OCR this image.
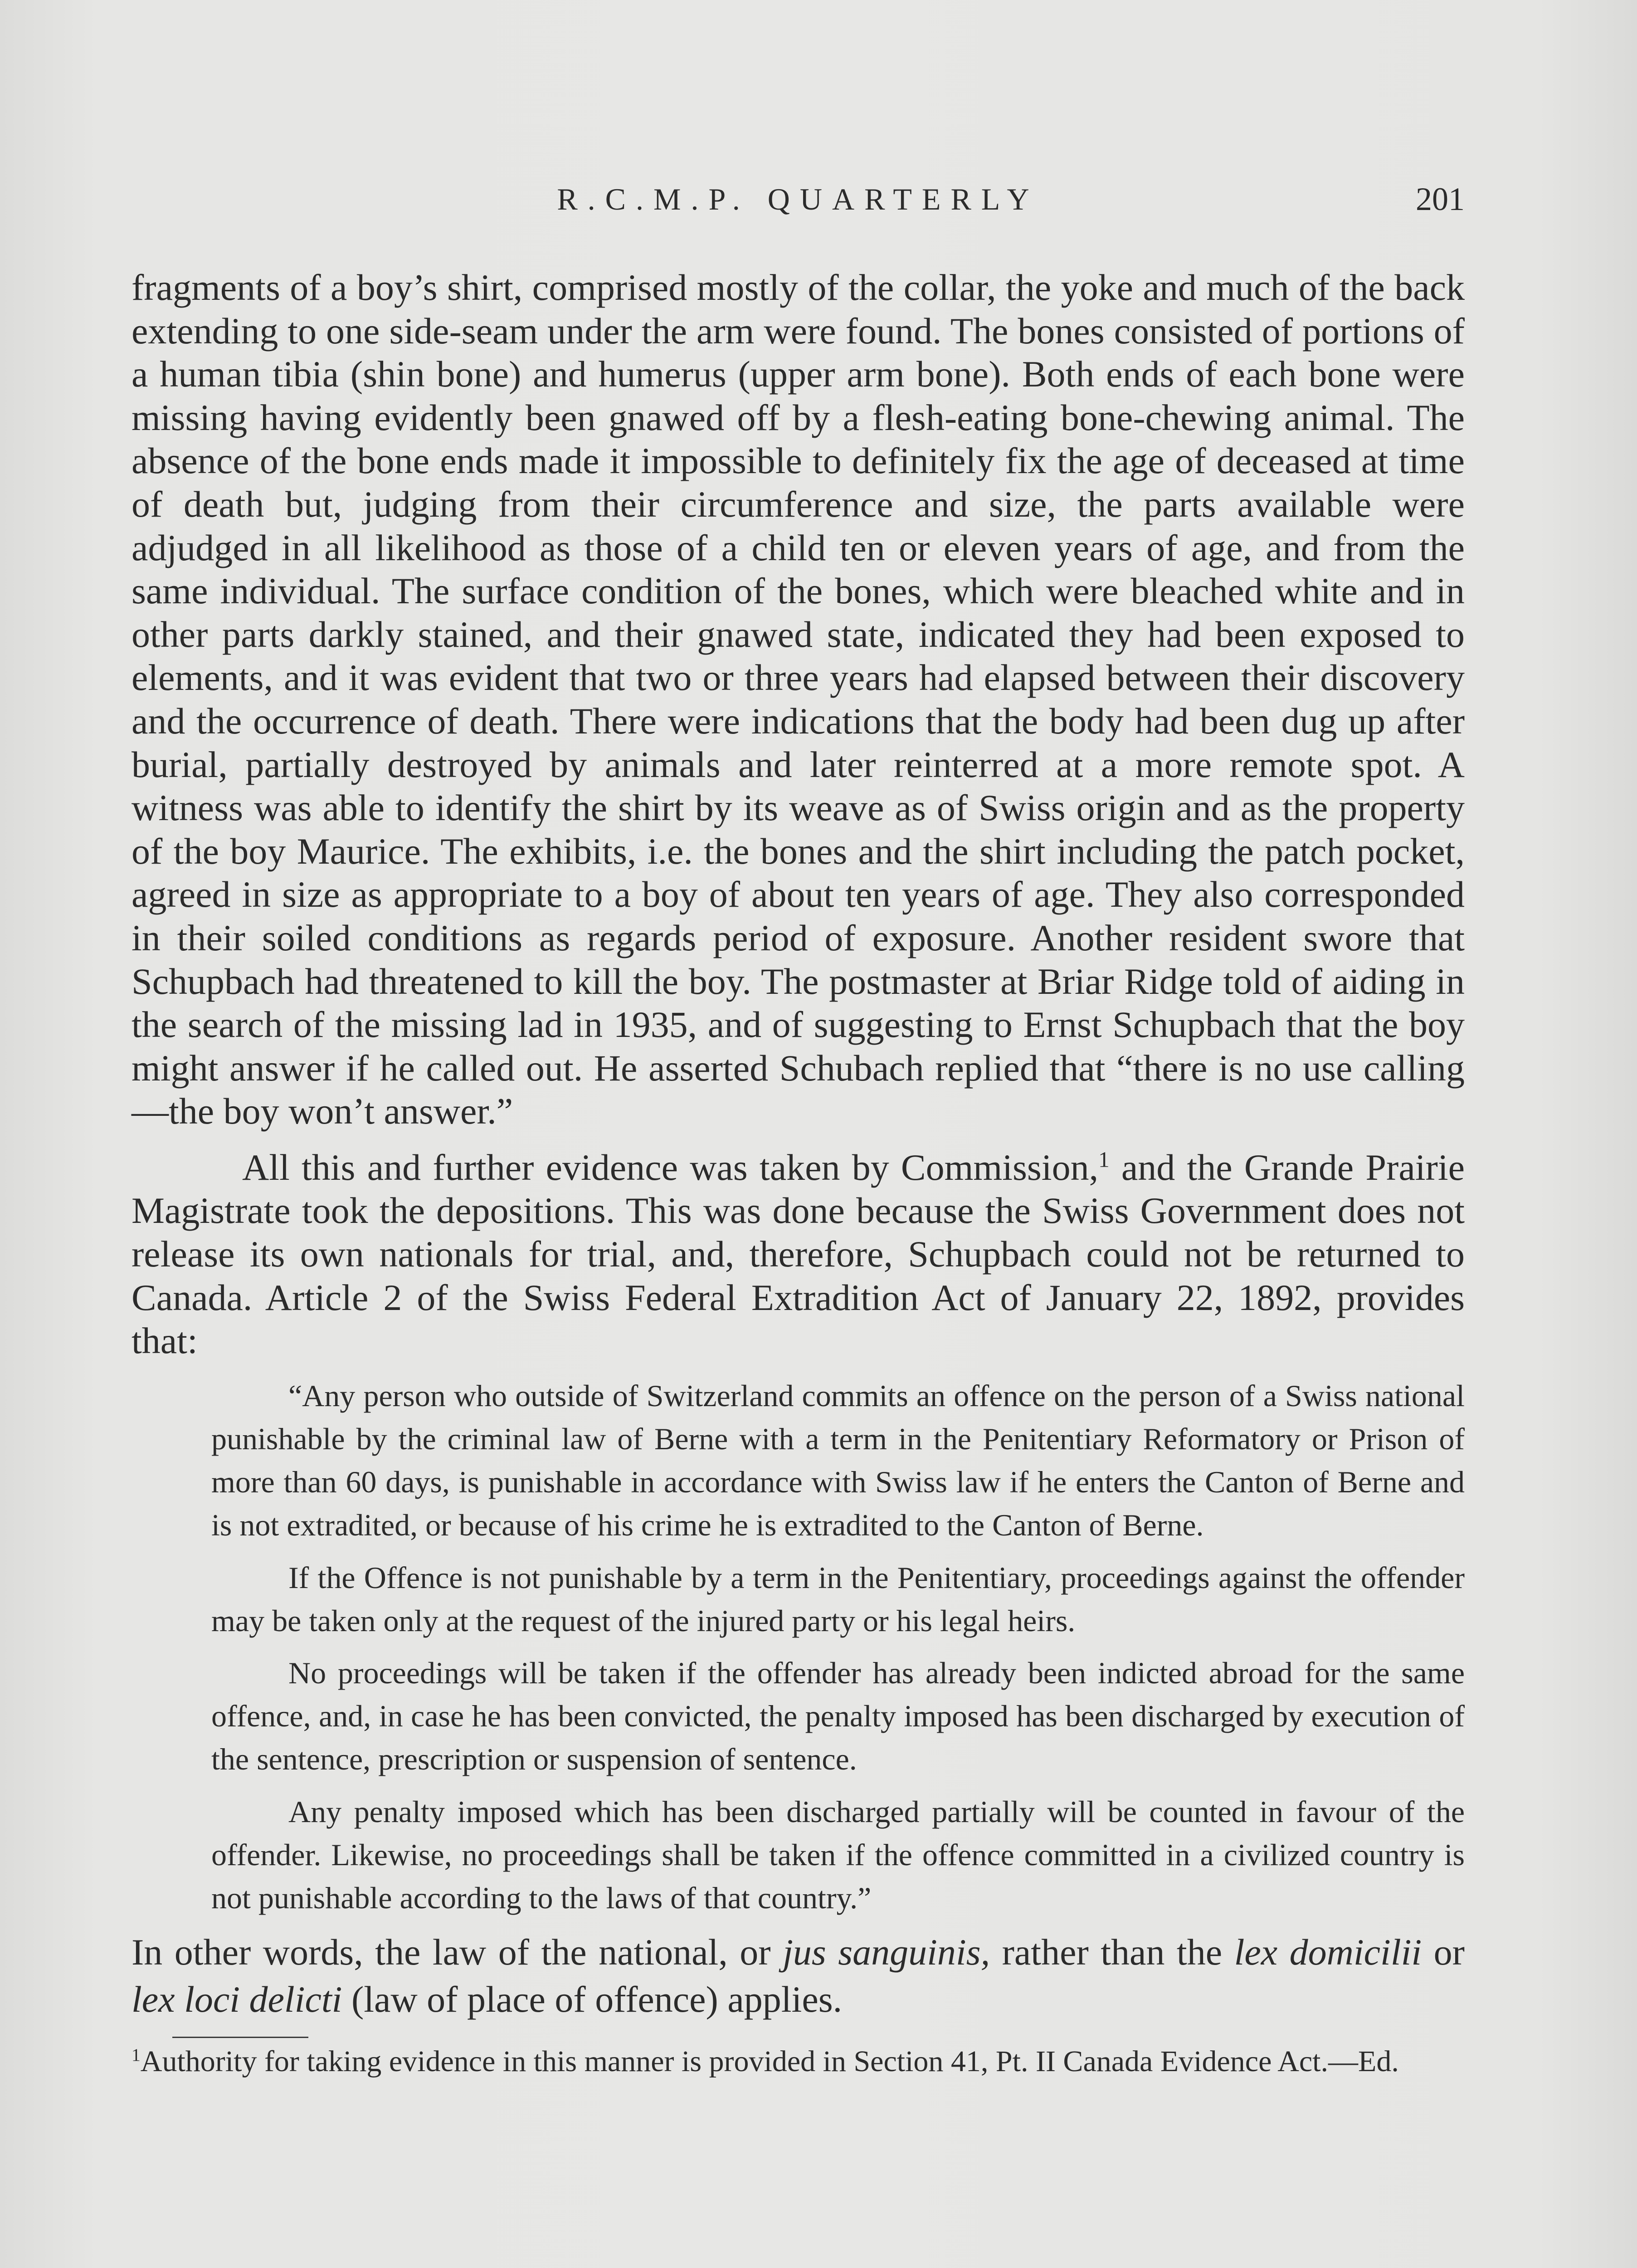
R.C.M.P. QUARTERLY	201

fragments of a boy’s shirt, comprised mostly of the collar, the yoke and much of the back extending to one side-seam under the arm were found. The bones consisted of portions of a human tibia (shin bone) and humerus (upper arm bone). Both ends of each bone were missing having evidently been gnawed off by a flesh-eating bone-chewing animal. The absence of the bone ends made it impossible to definitely fix the age of deceased at time of death but, judging from their circumference and size, the parts available were adjudged in all likelihood as those of a child ten or eleven years of age, and from the same individual. The surface condition of the bones, which were bleached white and in other parts darkly stained, and their gnawed state, indicated they had been exposed to elements, and it was evident that two or three years had elapsed between their discovery and the occurrence of death. There were indications that the body had been dug up after burial, partially destroyed by animals and later reinterred at a more remote spot. A witness was able to identify the shirt by its weave as of Swiss origin and as the property of the boy Maurice. The exhibits, i.e. the bones and the shirt including the patch pocket, agreed in size as appropriate to a boy of about ten years of age. They also corresponded in their soiled conditions as regards period of exposure. Another resident swore that Schupbach had threatened to kill the boy. The postmaster at Briar Ridge told of aiding in the search of the missing lad in 1935, and of suggesting to Ernst Schupbach that the boy might answer if he called out. He asserted Schubach replied that “there is no use calling—the boy won’t answer.”

All this and further evidence was taken by Commission,$^1$ and the Grande Prairie Magistrate took the depositions. This was done because the Swiss Government does not release its own nationals for trial, and, therefore, Schupbach could not be returned to Canada. Article 2 of the Swiss Federal Extradition Act of January 22, 1892, provides that:

“Any person who outside of Switzerland commits an offence on the person of a Swiss national punishable by the criminal law of Berne with a term in the Penitentiary Reformatory or Prison of more than 60 days, is punishable in accordance with Swiss law if he enters the Canton of Berne and is not extradited, or because of his crime he is extradited to the Canton of Berne.

If the Offence is not punishable by a term in the Penitentiary, proceedings against the offender may be taken only at the request of the injured party or his legal heirs.

No proceedings will be taken if the offender has already been indicted abroad for the same offence, and, in case he has been convicted, the penalty imposed has been discharged by execution of the sentence, prescription or suspension of sentence.

Any penalty imposed which has been discharged partially will be counted in favour of the offender. Likewise, no proceedings shall be taken if the offence committed in a civilized country is not punishable according to the laws of that country.”

In other words, the law of the national, or jus sanguinis, rather than the lex domicilii or lex loci delicti (law of place of offence) applies.

$^1$Authority for taking evidence in this manner is provided in Section 41, Pt. II Canada Evidence Act.—Ed.
